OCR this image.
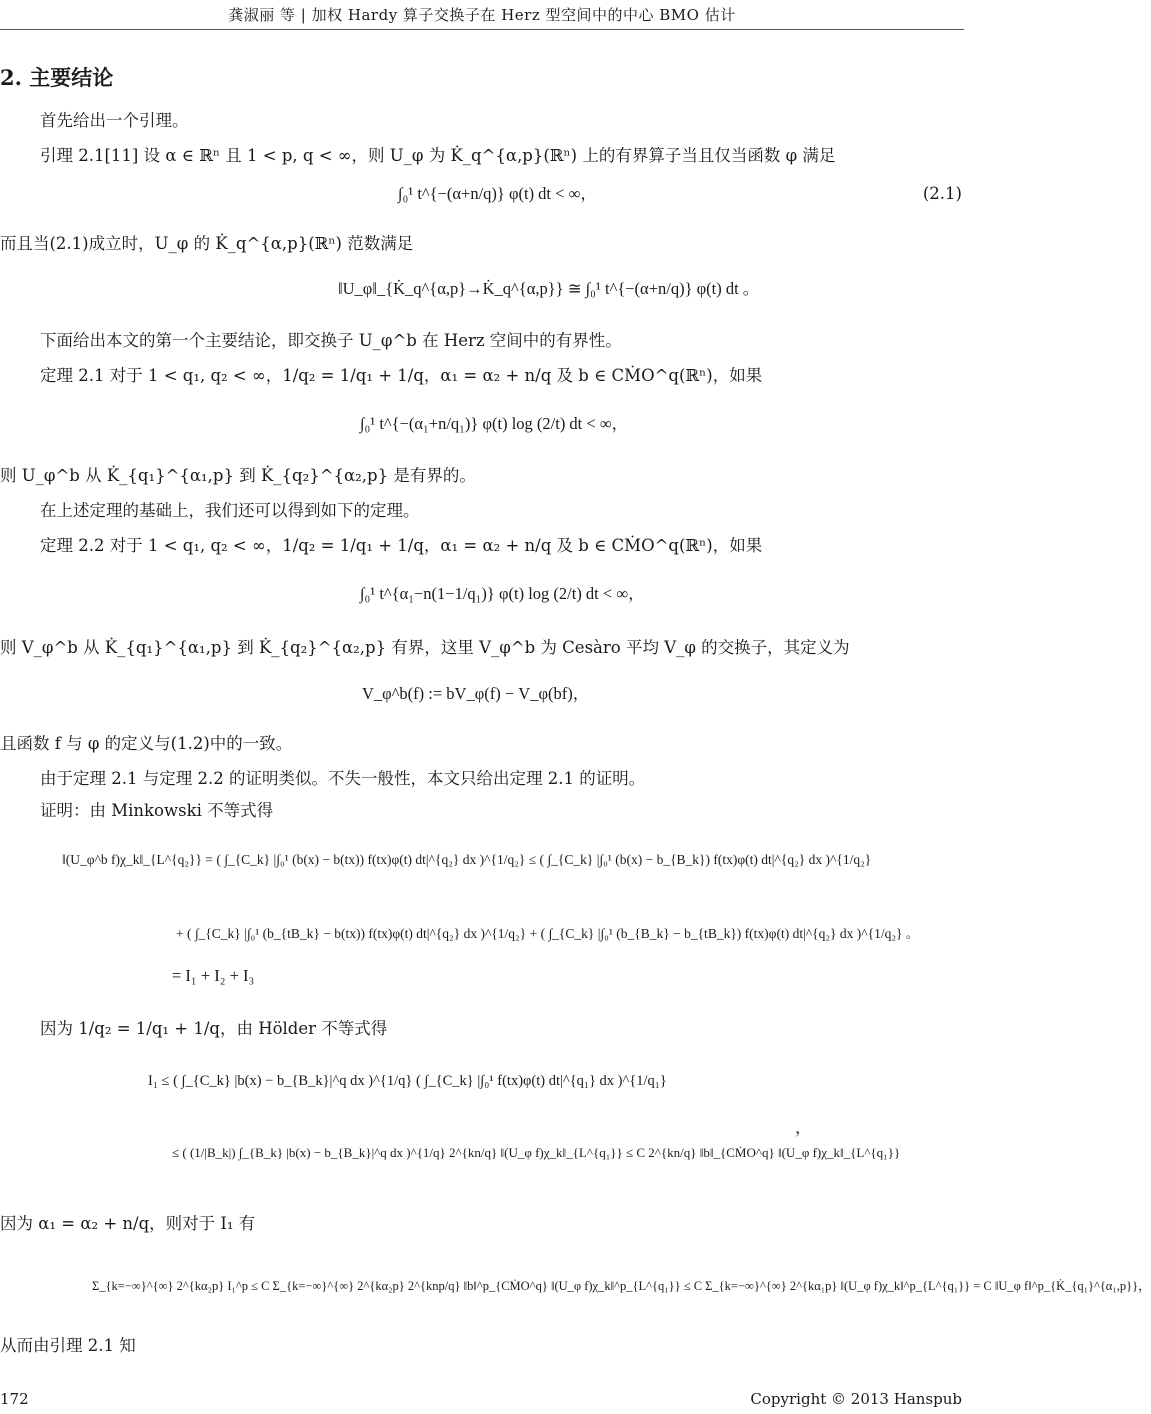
龚淑丽 等 | 加权 Hardy 算子交换子在 Herz 型空间中的中心 BMO 估计
2. 主要结论
首先给出一个引理。
引理 2.1[11] 设 α ∈ ℝⁿ 且 1 < p, q < ∞，则 U_φ 为 K̇_q^{α,p}(ℝⁿ) 上的有界算子当且仅当函数 φ 满足
∫₀¹ t^{−(α+n/q)} φ(t) dt < ∞，	(2.1)
而且当(2.1)成立时，U_φ 的 K̇_q^{α,p}(ℝⁿ) 范数满足
‖U_φ‖_{K̇_q^{α,p}→K̇_q^{α,p}} ≅ ∫₀¹ t^{−(α+n/q)} φ(t) dt 。
下面给出本文的第一个主要结论，即交换子 U_φ^b 在 Herz 空间中的有界性。
定理 2.1 对于 1 < q₁, q₂ < ∞，1/q₂ = 1/q₁ + 1/q，α₁ = α₂ + n/q 及 b ∈ CṀO^q(ℝⁿ)，如果
∫₀¹ t^{−(α₁+n/q₁)} φ(t) log (2/t) dt < ∞，
则 U_φ^b 从 K̇_{q₁}^{α₁,p} 到 K̇_{q₂}^{α₂,p} 是有界的。
在上述定理的基础上，我们还可以得到如下的定理。
定理 2.2 对于 1 < q₁, q₂ < ∞，1/q₂ = 1/q₁ + 1/q，α₁ = α₂ + n/q 及 b ∈ CṀO^q(ℝⁿ)，如果
∫₀¹ t^{α₁−n(1−1/q₁)} φ(t) log (2/t) dt < ∞，
则 V_φ^b 从 K̇_{q₁}^{α₁,p} 到 K̇_{q₂}^{α₂,p} 有界，这里 V_φ^b 为 Cesàro 平均 V_φ 的交换子，其定义为
V_φ^b(f) := bV_φ(f) − V_φ(bf)，
且函数 f 与 φ 的定义与(1.2)中的一致。
由于定理 2.1 与定理 2.2 的证明类似。不失一般性，本文只给出定理 2.1 的证明。
证明：由 Minkowski 不等式得
‖(U_φ^b f)χ_k‖_{L^{q₂}} = ( ∫_{C_k} |∫₀¹ (b(x) − b(tx)) f(tx)φ(t) dt|^{q₂} dx )^{1/q₂} ≤ ( ∫_{C_k} |∫₀¹ (b(x) − b_{B_k}) f(tx)φ(t) dt|^{q₂} dx )^{1/q₂}
+ ( ∫_{C_k} |∫₀¹ (b_{tB_k} − b(tx)) f(tx)φ(t) dt|^{q₂} dx )^{1/q₂} + ( ∫_{C_k} |∫₀¹ (b_{B_k} − b_{tB_k}) f(tx)φ(t) dt|^{q₂} dx )^{1/q₂} 。
= I₁ + I₂ + I₃
因为 1/q₂ = 1/q₁ + 1/q，由 Hölder 不等式得
I₁ ≤ ( ∫_{C_k} |b(x) − b_{B_k}|^q dx )^{1/q} ( ∫_{C_k} |∫₀¹ f(tx)φ(t) dt|^{q₁} dx )^{1/q₁}
≤ ( (1/|B_k|) ∫_{B_k} |b(x) − b_{B_k}|^q dx )^{1/q} 2^{kn/q} ‖(U_φ f)χ_k‖_{L^{q₁}} ≤ C 2^{kn/q} ‖b‖_{CṀO^q} ‖(U_φ f)χ_k‖_{L^{q₁}}
，
因为 α₁ = α₂ + n/q，则对于 I₁ 有
Σ_{k=−∞}^{∞} 2^{kα₂p} I₁^p ≤ C Σ_{k=−∞}^{∞} 2^{kα₂p} 2^{knp/q} ‖b‖^p_{CṀO^q} ‖(U_φ f)χ_k‖^p_{L^{q₁}} ≤ C Σ_{k=−∞}^{∞} 2^{kα₁p} ‖(U_φ f)χ_k‖^p_{L^{q₁}} = C ‖U_φ f‖^p_{K̇_{q₁}^{α₁,p}}，
从而由引理 2.1 知
172	Copyright © 2013 Hanspub
